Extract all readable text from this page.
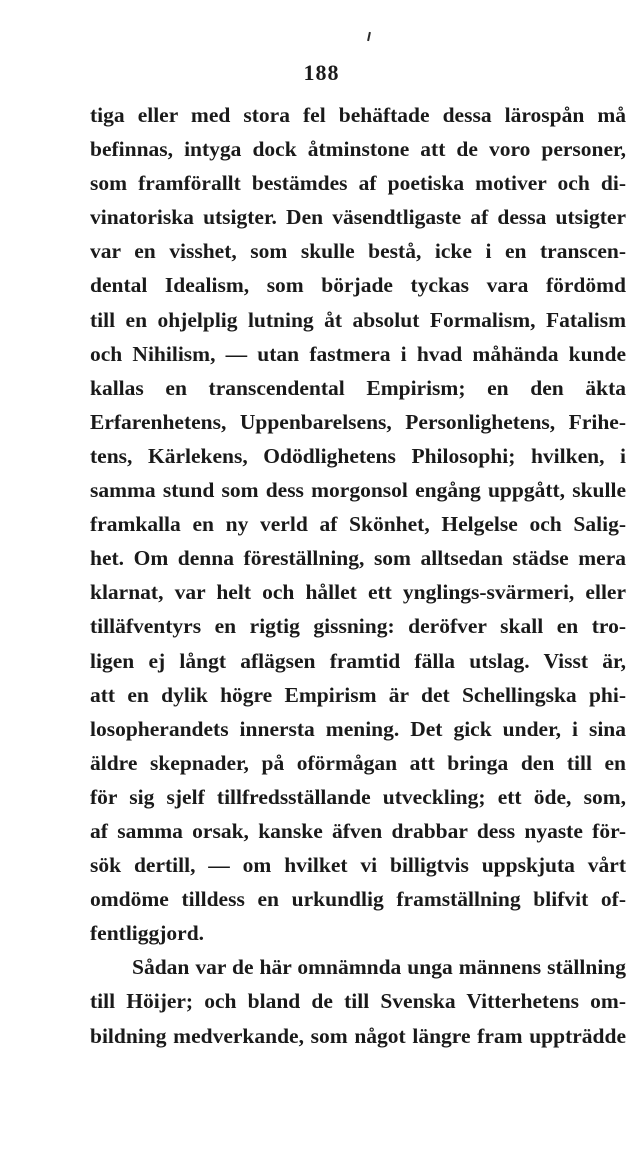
188
tiga eller med stora fel behäftade dessa lärospån må
befinnas, intyga dock åtminstone att de voro personer,
som framförallt bestämdes af poetiska motiver och di-
vinatoriska utsigter. Den väsendtligaste af dessa utsigter
var en visshet, som skulle bestå, icke i en transcen-
dental Idealism, som började tyckas vara fördömd
till en ohjelplig lutning åt absolut Formalism, Fatalism
och Nihilism, — utan fastmera i hvad måhända kunde
kallas en transcendental Empirism; en den äkta
Erfarenhetens, Uppenbarelsens, Personlighetens, Frihe-
tens, Kärlekens, Odödlighetens Philosophi; hvilken, i
samma stund som dess morgonsol engång uppgått, skulle
framkalla en ny verld af Skönhet, Helgelse och Salig-
het. Om denna föreställning, som alltsedan städse mera
klarnat, var helt och hållet ett ynglings-svärmeri, eller
tilläfventyrs en rigtig gissning: deröfver skall en tro-
ligen ej långt aflägsen framtid fälla utslag. Visst är,
att en dylik högre Empirism är det Schellingska phi-
losopherandets innersta mening. Det gick under, i sina
äldre skepnader, på oförmågan att bringa den till en
för sig sjelf tillfredsställande utveckling; ett öde, som,
af samma orsak, kanske äfven drabbar dess nyaste för-
sök dertill, — om hvilket vi billigtvis uppskjuta vårt
omdöme tilldess en urkundlig framställning blifvit of-
fentliggjord.
Sådan var de här omnämnda unga männens ställning
till Höijer; och bland de till Svenska Vitterhetens om-
bildning medverkande, som något längre fram uppträdde
